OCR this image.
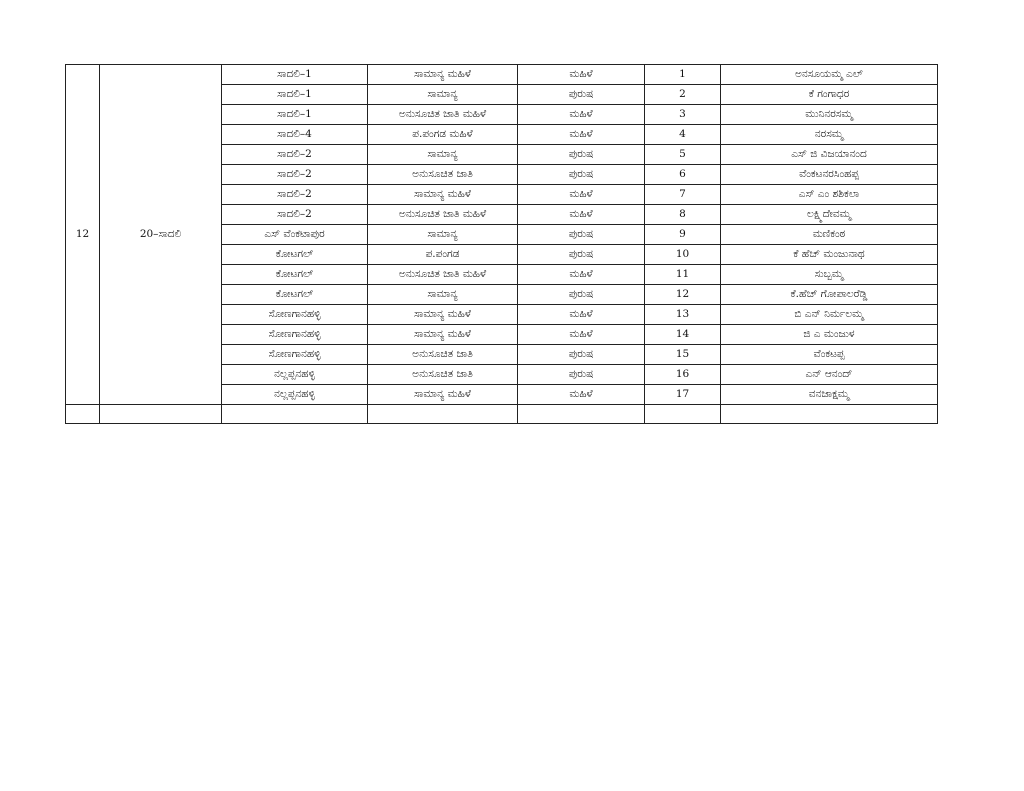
12	20–ಸಾದಲಿ	ಸಾದಲಿ–1	ಸಾಮಾನ್ಯ ಮಹಿಳೆ	ಮಹಿಳೆ	1	ಅನಸೂಯಮ್ಮ ಎಲ್
		ಸಾದಲಿ–1	ಸಾಮಾನ್ಯ	ಪುರುಷ	2	ಕೆ ಗಂಗಾಧರ
		ಸಾದಲಿ–1	ಅನುಸೂಚಿತ ಜಾತಿ ಮಹಿಳೆ	ಮಹಿಳೆ	3	ಮುನಿನರಸಮ್ಮ
		ಸಾದಲಿ–4	ಪ.ಪಂಗಡ ಮಹಿಳೆ	ಮಹಿಳೆ	4	ನರಸಮ್ಮ
		ಸಾದಲಿ–2	ಸಾಮಾನ್ಯ	ಪುರುಷ	5	ಎಸ್ ಜಿ ವಿಜಯಾನಂದ
		ಸಾದಲಿ–2	ಅನುಸೂಚಿತ ಜಾತಿ	ಪುರುಷ	6	ವೆಂಕಟನರಸಿಂಹಪ್ಪ
		ಸಾದಲಿ–2	ಸಾಮಾನ್ಯ ಮಹಿಳೆ	ಮಹಿಳೆ	7	ಎಸ್ ಎಂ ಶಶಿಕಲಾ
		ಸಾದಲಿ–2	ಅನುಸೂಚಿತ ಜಾತಿ ಮಹಿಳೆ	ಮಹಿಳೆ	8	ಲಕ್ಷ್ಮಿದೇವಮ್ಮ
		ಎಸ್ ವೆಂಕಟಾಪುರ	ಸಾಮಾನ್ಯ	ಪುರುಷ	9	ಮಣಿಕಂಠ
		ಕೋಟಗಲ್	ಪ.ಪಂಗಡ	ಪುರುಷ	10	ಕೆ ಹೆಚ್ ಮಂಜುನಾಥ
		ಕೋಟಗಲ್	ಅನುಸೂಚಿತ ಜಾತಿ ಮಹಿಳೆ	ಮಹಿಳೆ	11	ಸುಬ್ಬಮ್ಮ
		ಕೋಟಗಲ್	ಸಾಮಾನ್ಯ	ಪುರುಷ	12	ಕೆ.ಹೆಚ್ ಗೋಪಾಲರೆಡ್ಡಿ
		ಸೋಣಗಾನಹಳ್ಳಿ	ಸಾಮಾನ್ಯ ಮಹಿಳೆ	ಮಹಿಳೆ	13	ಬಿ ಎನ್ ನಿರ್ಮಲಮ್ಮ
		ಸೋಣಗಾನಹಳ್ಳಿ	ಸಾಮಾನ್ಯ ಮಹಿಳೆ	ಮಹಿಳೆ	14	ಜಿ ಎ ಮಂಜುಳ
		ಸೋಣಗಾನಹಳ್ಳಿ	ಅನುಸೂಚಿತ ಜಾತಿ	ಪುರುಷ	15	ವೆಂಕಟಪ್ಪ
		ನಲ್ಲಪ್ಪನಹಳ್ಳಿ	ಅನುಸೂಚಿತ ಜಾತಿ	ಪುರುಷ	16	ಎನ್ ಆನಂದ್
		ನಲ್ಲಪ್ಪನಹಳ್ಳಿ	ಸಾಮಾನ್ಯ ಮಹಿಳೆ	ಮಹಿಳೆ	17	ವನಜಾಕ್ಷಮ್ಮ
